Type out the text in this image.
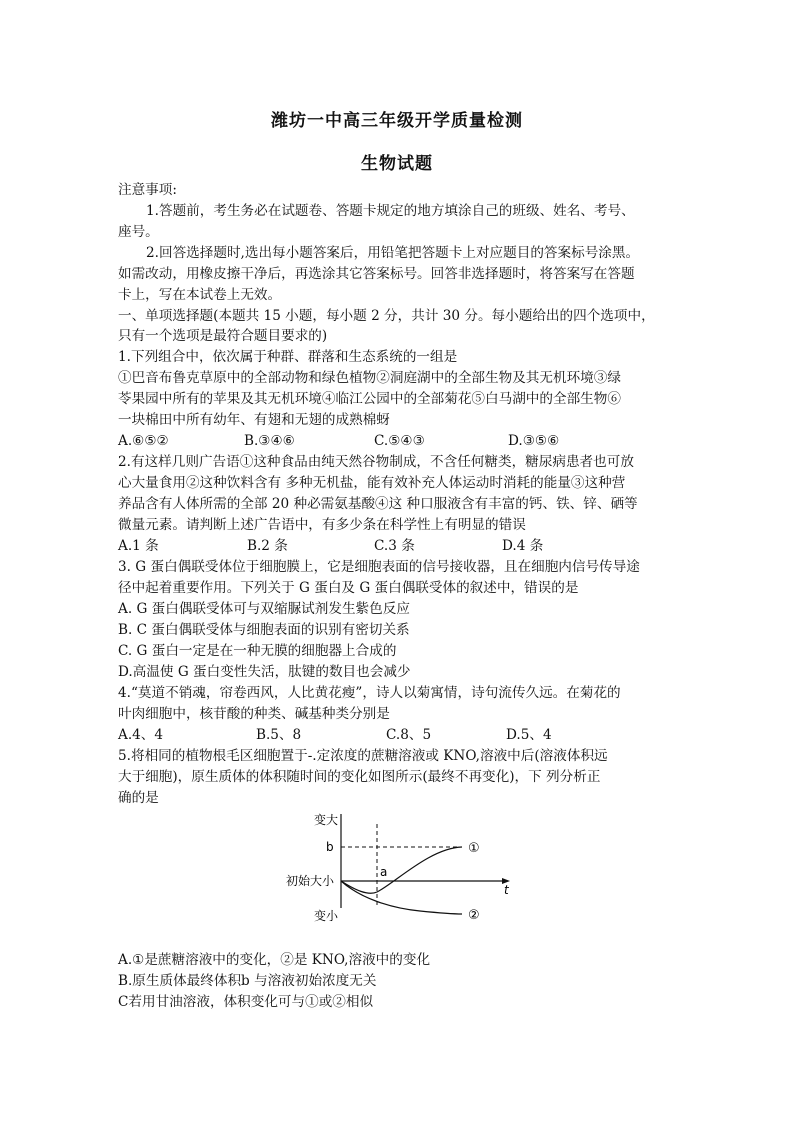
潍坊一中高三年级开学质量检测
生物试题
注意事项:
1.答题前，考生务必在试题卷、答题卡规定的地方填涂自己的班级、姓名、考号、
座号。
2.回答选择题时,选出每小题答案后，用铅笔把答题卡上对应题目的答案标号涂黑。
如需改动，用橡皮擦干净后，再选涂其它答案标号。回答非选择题时，将答案写在答题
卡上，写在本试卷上无效。
一、单项选择题(本题共 15 小题，每小题 2 分，共计 30 分。每小题给出的四个选项中，
只有一个选项是最符合题目要求的)
1.下列组合中，依次属于种群、群落和生态系统的一组是
①巴音布鲁克草原中的全部动物和绿色植物②洞庭湖中的全部生物及其无机环境③绿
苓果园中所有的苹果及其无机环境④临江公园中的全部菊花⑤白马湖中的全部生物⑥
一块棉田中所有幼年、有翅和无翅的成熟棉蚜
A.⑥⑤②	B.③④⑥	C.⑤④③	D.③⑤⑥
2.有这样几则广告语①这种食品由纯天然谷物制成，不含任何糖类，糖尿病患者也可放
心大量食用②这种饮料含有 多种无机盐，能有效补充人体运动时消耗的能量③这种营
养品含有人体所需的全部 20 种必需氨基酸④这 种口服液含有丰富的钙、铁、锌、硒等
微量元素。请判断上述广告语中，有多少条在科学性上有明显的错误
A.1 条	B.2 条	C.3 条	D.4 条
3. G 蛋白偶联受体位于细胞膜上，它是细胞表面的信号接收器，且在细胞内信号传导途
径中起着重要作用。下列关于 G 蛋白及 G 蛋白偶联受体的叙述中，错误的是
A. G 蛋白偶联受体可与双缩脲试剂发生紫色反应
B. C 蛋白偶联受体与细胞表面的识别有密切关系
C. G 蛋白一定是在一种无膜的细胞器上合成的
D.高温使 G 蛋白变性失活，肽键的数目也会减少
4.“莫道不销魂，帘卷西风，人比黄花瘦”，诗人以菊寓情，诗句流传久远。在菊花的
叶肉细胞中，核苷酸的种类、碱基种类分别是
A.4、4	B.5、8	C.8、5	D.5、4
5.将相同的植物根毛区细胞置于-.定浓度的蔗糖溶液或 KNO,溶液中后(溶液体积远
大于细胞)，原生质体的体积随时间的变化如图所示(最终不再变化)，下 列分析正
确的是
变大
b
初始大小
变小
a
t
①
②
A.①是蔗糖溶液中的变化，②是 KNO,溶液中的变化
B.原生质体最终体积b 与溶液初始浓度无关
C若用甘油溶液，体积变化可与①或②相似
